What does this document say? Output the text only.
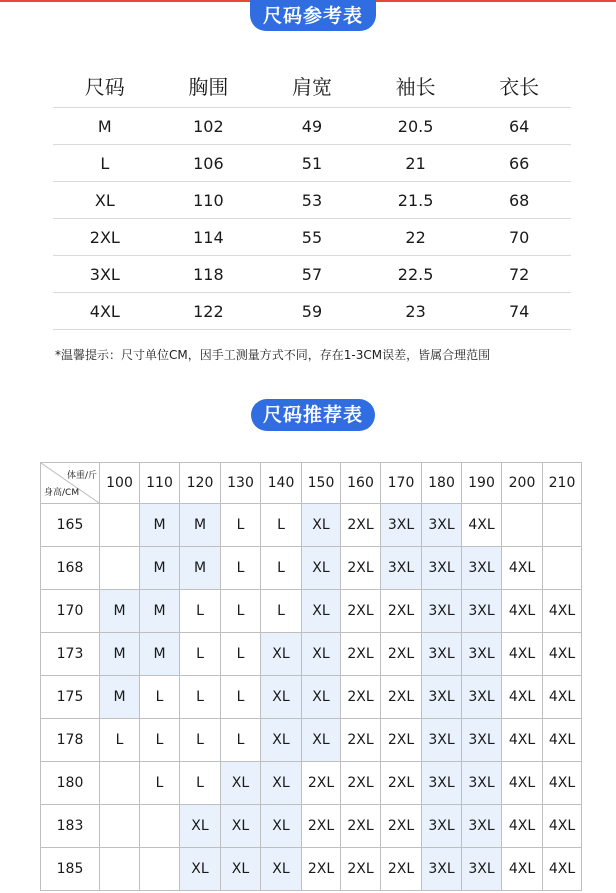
尺码参考表
尺码	胸围	肩宽	袖长	衣长
M	102	49	20.5	64
L	106	51	21	66
XL	110	53	21.5	68
2XL	114	55	22	70
3XL	118	57	22.5	72
4XL	122	59	23	74
*温馨提示：尺寸单位CM，因手工测量方式不同，存在1-3CM误差，皆属合理范围
尺码推荐表
体重/斤
身高/CM	100	110	120	130	140	150	160	170	180	190	200	210
165		M	M	L	L	XL	2XL	3XL	3XL	4XL		
168		M	M	L	L	XL	2XL	3XL	3XL	3XL	4XL	
170	M	M	L	L	L	XL	2XL	2XL	3XL	3XL	4XL	4XL
173	M	M	L	L	XL	XL	2XL	2XL	3XL	3XL	4XL	4XL
175	M	L	L	L	XL	XL	2XL	2XL	3XL	3XL	4XL	4XL
178	L	L	L	L	XL	XL	2XL	2XL	3XL	3XL	4XL	4XL
180		L	L	XL	XL	2XL	2XL	2XL	3XL	3XL	4XL	4XL
183			XL	XL	XL	2XL	2XL	2XL	3XL	3XL	4XL	4XL
185			XL	XL	XL	2XL	2XL	2XL	3XL	3XL	4XL	4XL
